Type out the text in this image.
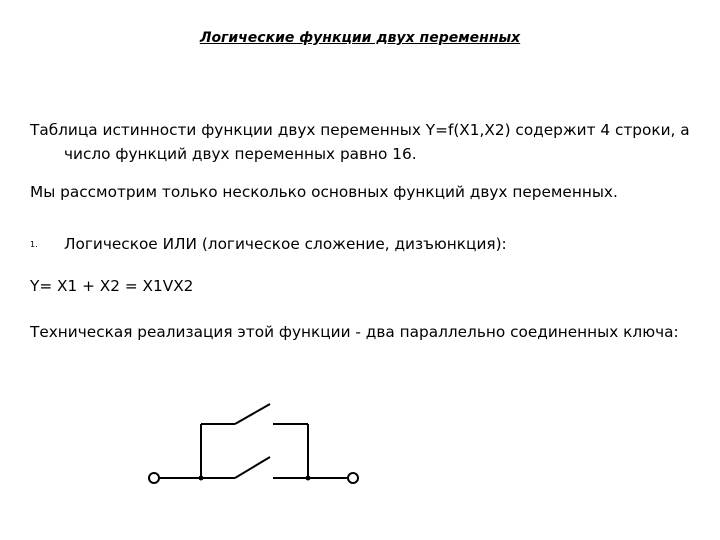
Логические функции двух переменных

Таблица истинности функции двух переменных Y=f(X1,X2) содержит 4 строки, а число функций двух переменных равно 16.

Мы рассмотрим только несколько основных функций двух переменных.

1. Логическое ИЛИ (логическое сложение, дизъюнкция):

Y= X1 + X2 = X1VX2

Техническая реализация этой функции - два параллельно соединенных ключа:
